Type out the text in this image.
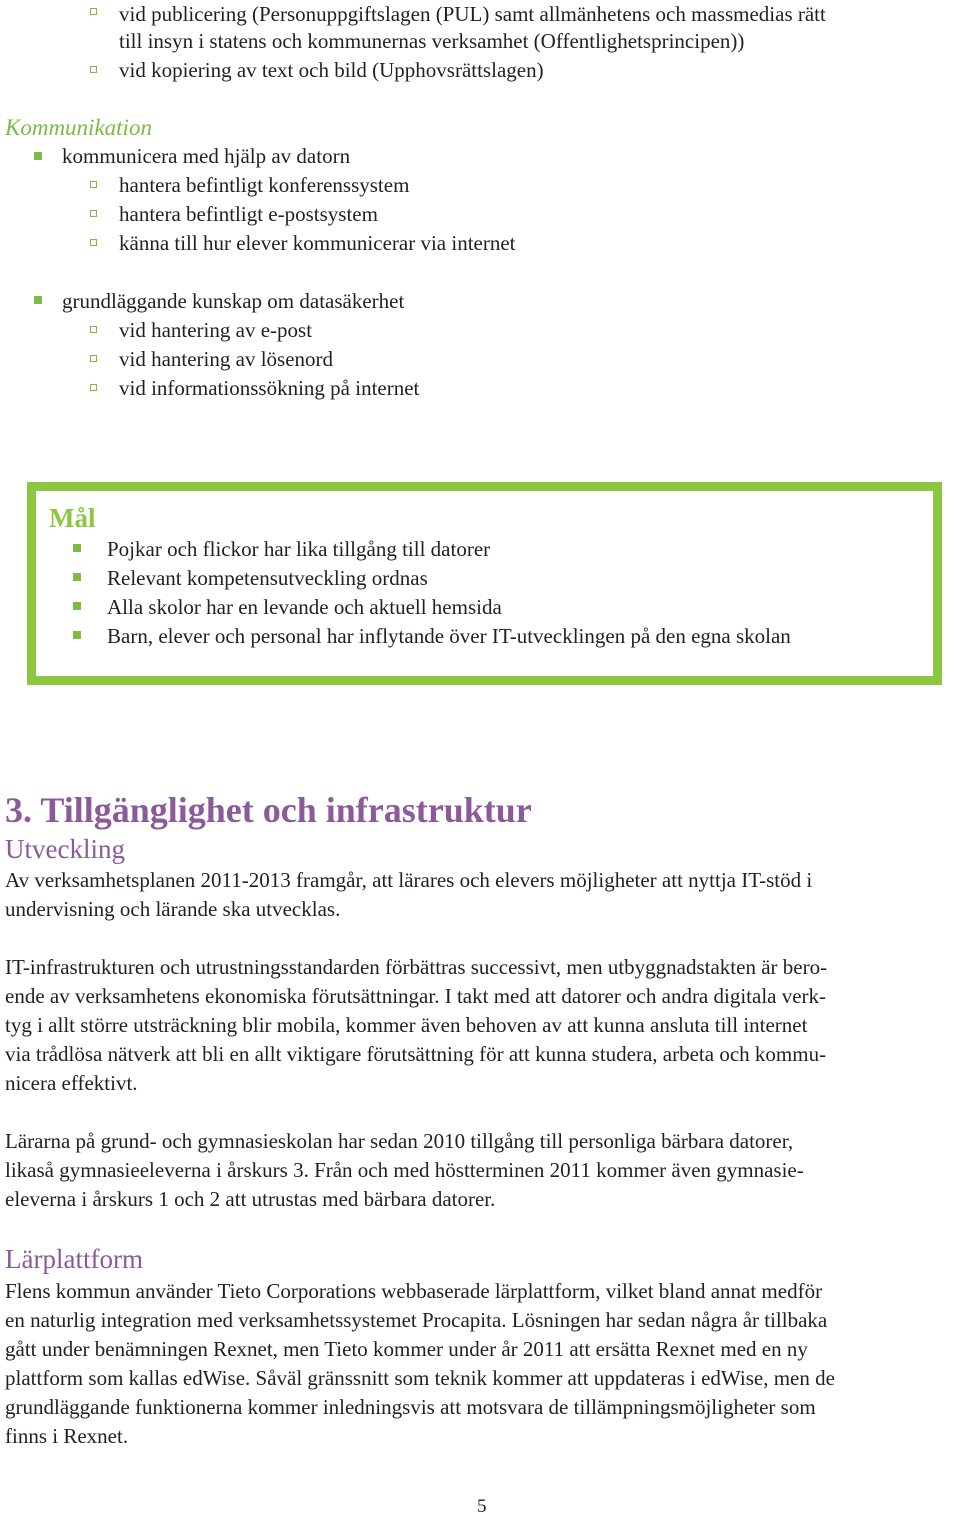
vid publicering (Personuppgiftslagen (PUL) samt allmänhetens och massmedias rätt
till insyn i statens och kommunernas verksamhet (Offentlighetsprincipen))
vid kopiering av text och bild (Upphovsrättslagen)
Kommunikation
kommunicera med hjälp av datorn
hantera befintligt konferenssystem
hantera befintligt e-postsystem
känna till hur elever kommunicerar via internet
grundläggande kunskap om datasäkerhet
vid hantering av e-post
vid hantering av lösenord
vid informationssökning på internet
Mål
Pojkar och flickor har lika tillgång till datorer
Relevant kompetensutveckling ordnas
Alla skolor har en levande och aktuell hemsida
Barn, elever och personal har inflytande över IT-utvecklingen på den egna skolan
3. Tillgänglighet och infrastruktur
Utveckling
Av verksamhetsplanen 2011-2013 framgår, att lärares och elevers möjligheter att nyttja IT-stöd i
undervisning och lärande ska utvecklas.
IT-infrastrukturen och utrustningsstandarden förbättras successivt, men utbyggnadstakten är bero-
ende av verksamhetens ekonomiska förutsättningar. I takt med att datorer och andra digitala verk-
tyg i allt större utsträckning blir mobila, kommer även behoven av att kunna ansluta till internet
via trådlösa nätverk att bli en allt viktigare förutsättning för att kunna studera, arbeta och kommu-
nicera effektivt.
Lärarna på grund- och gymnasieskolan har sedan 2010 tillgång till personliga bärbara datorer,
likaså gymnasieeleverna i årskurs 3. Från och med höstterminen 2011 kommer även gymnasie-
eleverna i årskurs 1 och 2 att utrustas med bärbara datorer.
Lärplattform
Flens kommun använder Tieto Corporations webbaserade lärplattform, vilket bland annat medför
en naturlig integration med verksamhetssystemet Procapita. Lösningen har sedan några år tillbaka
gått under benämningen Rexnet, men Tieto kommer under år 2011 att ersätta Rexnet med en ny
plattform som kallas edWise. Såväl gränssnitt som teknik kommer att uppdateras i edWise, men de
grundläggande funktionerna kommer inledningsvis att motsvara de tillämpningsmöjligheter som
finns i Rexnet.
5
